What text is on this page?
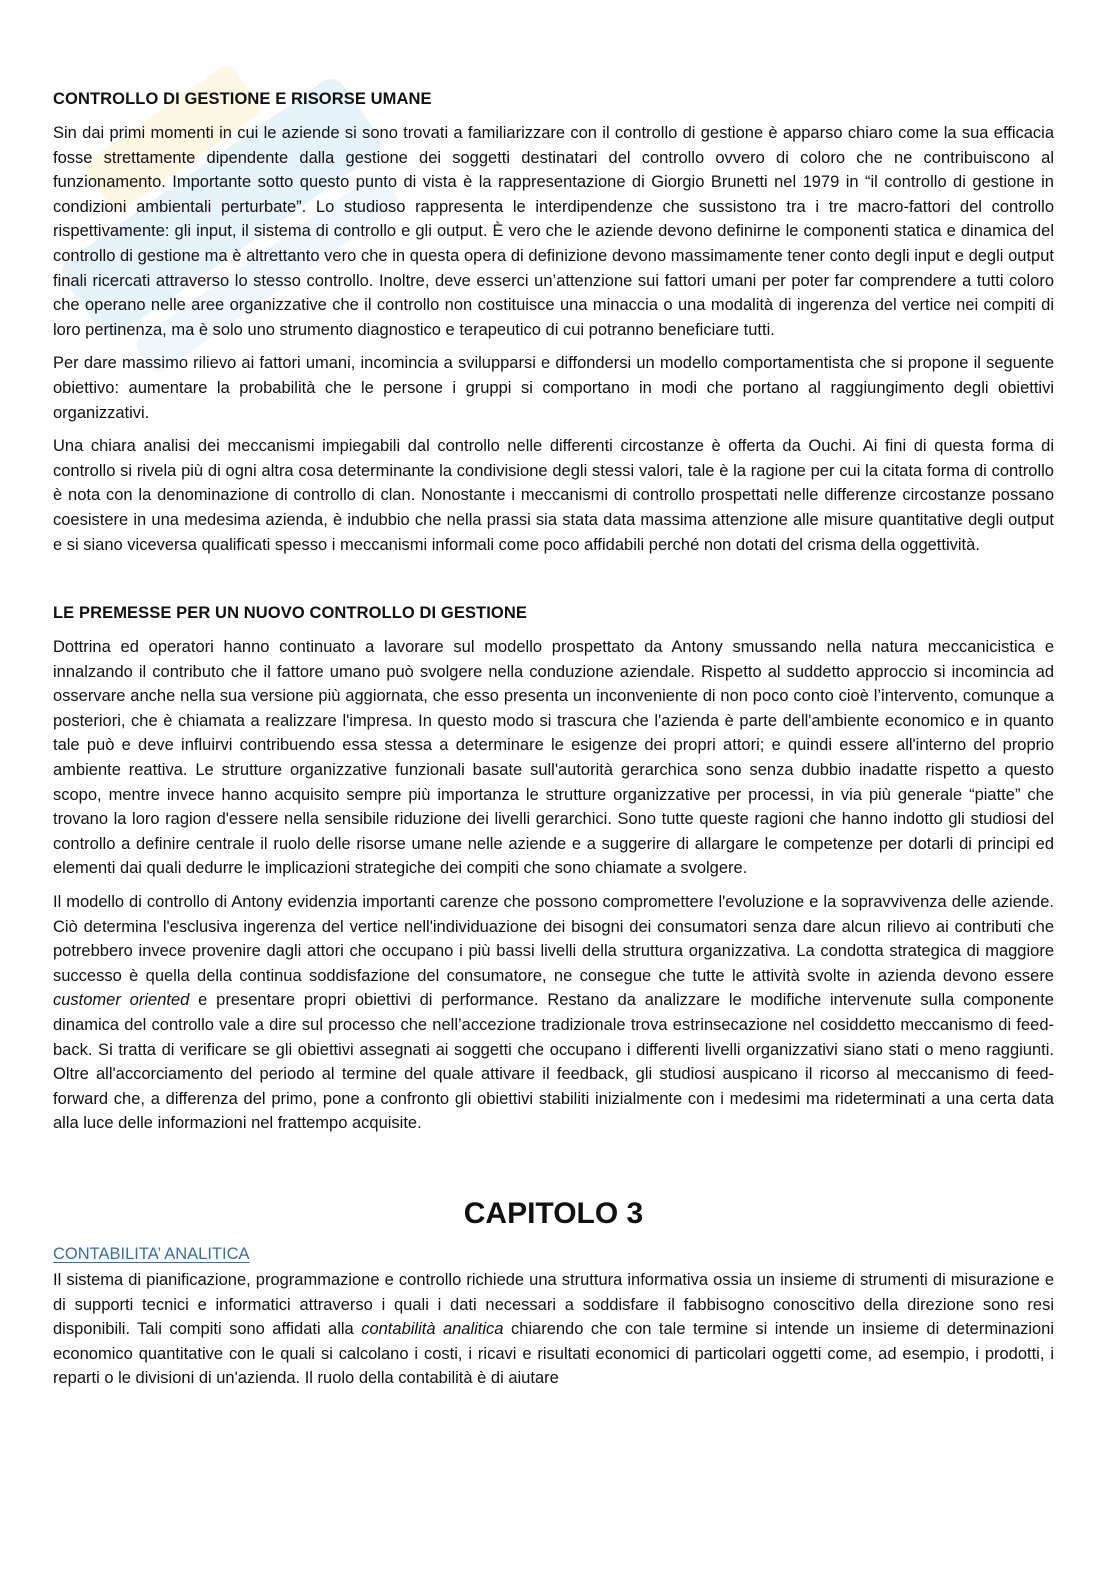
CONTROLLO DI GESTIONE E RISORSE UMANE

Sin dai primi momenti in cui le aziende si sono trovati a familiarizzare con il controllo di gestione è apparso chiaro come la sua efficacia fosse strettamente dipendente dalla gestione dei soggetti destinatari del controllo ovvero di coloro che ne contribuiscono al funzionamento. Importante sotto questo punto di vista è la rappresentazione di Giorgio Brunetti nel 1979 in “il controllo di gestione in condizioni ambientali perturbate”. Lo studioso rappresenta le interdipendenze che sussistono tra i tre macro-fattori del controllo rispettivamente: gli input, il sistema di controllo e gli output. È vero che le aziende devono definirne le componenti statica e dinamica del controllo di gestione ma è altrettanto vero che in questa opera di definizione devono massimamente tener conto degli input e degli output finali ricercati attraverso lo stesso controllo. Inoltre, deve esserci un’attenzione sui fattori umani per poter far comprendere a tutti coloro che operano nelle aree organizzative che il controllo non costituisce una minaccia o una modalità di ingerenza del vertice nei compiti di loro pertinenza, ma è solo uno strumento diagnostico e terapeutico di cui potranno beneficiare tutti.

Per dare massimo rilievo ai fattori umani, incomincia a svilupparsi e diffondersi un modello comportamentista che si propone il seguente obiettivo: aumentare la probabilità che le persone i gruppi si comportano in modi che portano al raggiungimento degli obiettivi organizzativi.

Una chiara analisi dei meccanismi impiegabili dal controllo nelle differenti circostanze è offerta da Ouchi. Ai fini di questa forma di controllo si rivela più di ogni altra cosa determinante la condivisione degli stessi valori, tale è la ragione per cui la citata forma di controllo è nota con la denominazione di controllo di clan. Nonostante i meccanismi di controllo prospettati nelle differenze circostanze possano coesistere in una medesima azienda, è indubbio che nella prassi sia stata data massima attenzione alle misure quantitative degli output e si siano viceversa qualificati spesso i meccanismi informali come poco affidabili perché non dotati del crisma della oggettività.

LE PREMESSE PER UN NUOVO CONTROLLO DI GESTIONE

Dottrina ed operatori hanno continuato a lavorare sul modello prospettato da Antony smussando nella natura meccanicistica e innalzando il contributo che il fattore umano può svolgere nella conduzione aziendale. Rispetto al suddetto approccio si incomincia ad osservare anche nella sua versione più aggiornata, che esso presenta un inconveniente di non poco conto cioè l’intervento, comunque a posteriori, che è chiamata a realizzare l'impresa. In questo modo si trascura che l'azienda è parte dell'ambiente economico e in quanto tale può e deve influirvi contribuendo essa stessa a determinare le esigenze dei propri attori; e quindi essere all'interno del proprio ambiente reattiva. Le strutture organizzative funzionali basate sull'autorità gerarchica sono senza dubbio inadatte rispetto a questo scopo, mentre invece hanno acquisito sempre più importanza le strutture organizzative per processi, in via più generale “piatte” che trovano la loro ragion d'essere nella sensibile riduzione dei livelli gerarchici. Sono tutte queste ragioni che hanno indotto gli studiosi del controllo a definire centrale il ruolo delle risorse umane nelle aziende e a suggerire di allargare le competenze per dotarli di principi ed elementi dai quali dedurre le implicazioni strategiche dei compiti che sono chiamate a svolgere.

Il modello di controllo di Antony evidenzia importanti carenze che possono compromettere l'evoluzione e la sopravvivenza delle aziende. Ciò determina l'esclusiva ingerenza del vertice nell'individuazione dei bisogni dei consumatori senza dare alcun rilievo ai contributi che potrebbero invece provenire dagli attori che occupano i più bassi livelli della struttura organizzativa. La condotta strategica di maggiore successo è quella della continua soddisfazione del consumatore, ne consegue che tutte le attività svolte in azienda devono essere customer oriented e presentare propri obiettivi di performance. Restano da analizzare le modifiche intervenute sulla componente dinamica del controllo vale a dire sul processo che nell’accezione tradizionale trova estrinsecazione nel cosiddetto meccanismo di feed-back. Si tratta di verificare se gli obiettivi assegnati ai soggetti che occupano i differenti livelli organizzativi siano stati o meno raggiunti. Oltre all'accorciamento del periodo al termine del quale attivare il feedback, gli studiosi auspicano il ricorso al meccanismo di feed-forward che, a differenza del primo, pone a confronto gli obiettivi stabiliti inizialmente con i medesimi ma rideterminati a una certa data alla luce delle informazioni nel frattempo acquisite.

CAPITOLO 3
CONTABILITA’ ANALITICA

Il sistema di pianificazione, programmazione e controllo richiede una struttura informativa ossia un insieme di strumenti di misurazione e di supporti tecnici e informatici attraverso i quali i dati necessari a soddisfare il fabbisogno conoscitivo della direzione sono resi disponibili. Tali compiti sono affidati alla contabilità analitica chiarendo che con tale termine si intende un insieme di determinazioni economico quantitative con le quali si calcolano i costi, i ricavi e risultati economici di particolari oggetti come, ad esempio, i prodotti, i reparti o le divisioni di un'azienda. Il ruolo della contabilità è di aiutare
